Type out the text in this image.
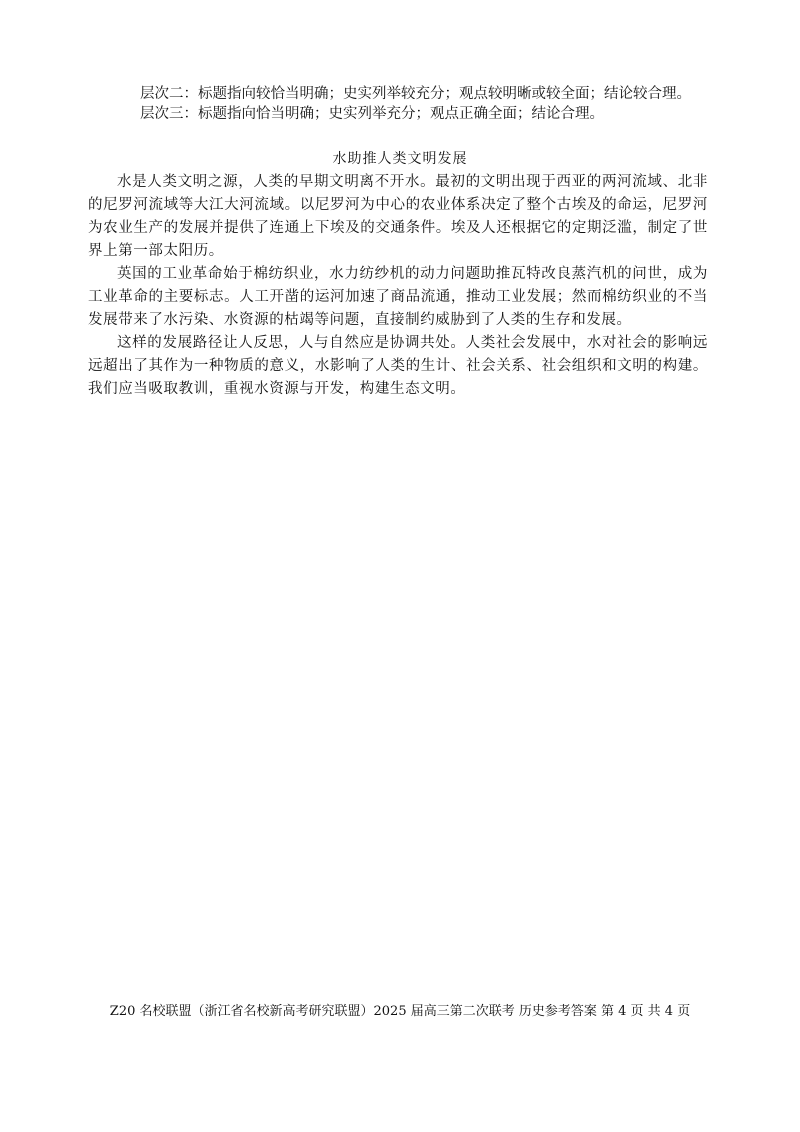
层次二：标题指向较恰当明确；史实列举较充分；观点较明晰或较全面；结论较合理。
层次三：标题指向恰当明确；史实列举充分；观点正确全面；结论合理。
水助推人类文明发展

水是人类文明之源，人类的早期文明离不开水。最初的文明出现于西亚的两河流域、北非的尼罗河流域等大江大河流域。以尼罗河为中心的农业体系决定了整个古埃及的命运，尼罗河为农业生产的发展并提供了连通上下埃及的交通条件。埃及人还根据它的定期泛滥，制定了世界上第一部太阳历。

英国的工业革命始于棉纺织业，水力纺纱机的动力问题助推瓦特改良蒸汽机的问世，成为工业革命的主要标志。人工开凿的运河加速了商品流通，推动工业发展；然而棉纺织业的不当发展带来了水污染、水资源的枯竭等问题，直接制约威胁到了人类的生存和发展。

这样的发展路径让人反思，人与自然应是协调共处。人类社会发展中，水对社会的影响远远超出了其作为一种物质的意义，水影响了人类的生计、社会关系、社会组织和文明的构建。我们应当吸取教训，重视水资源与开发，构建生态文明。

Z20 名校联盟（浙江省名校新高考研究联盟）2025 届高三第二次联考 历史参考答案 第 4 页 共 4 页
